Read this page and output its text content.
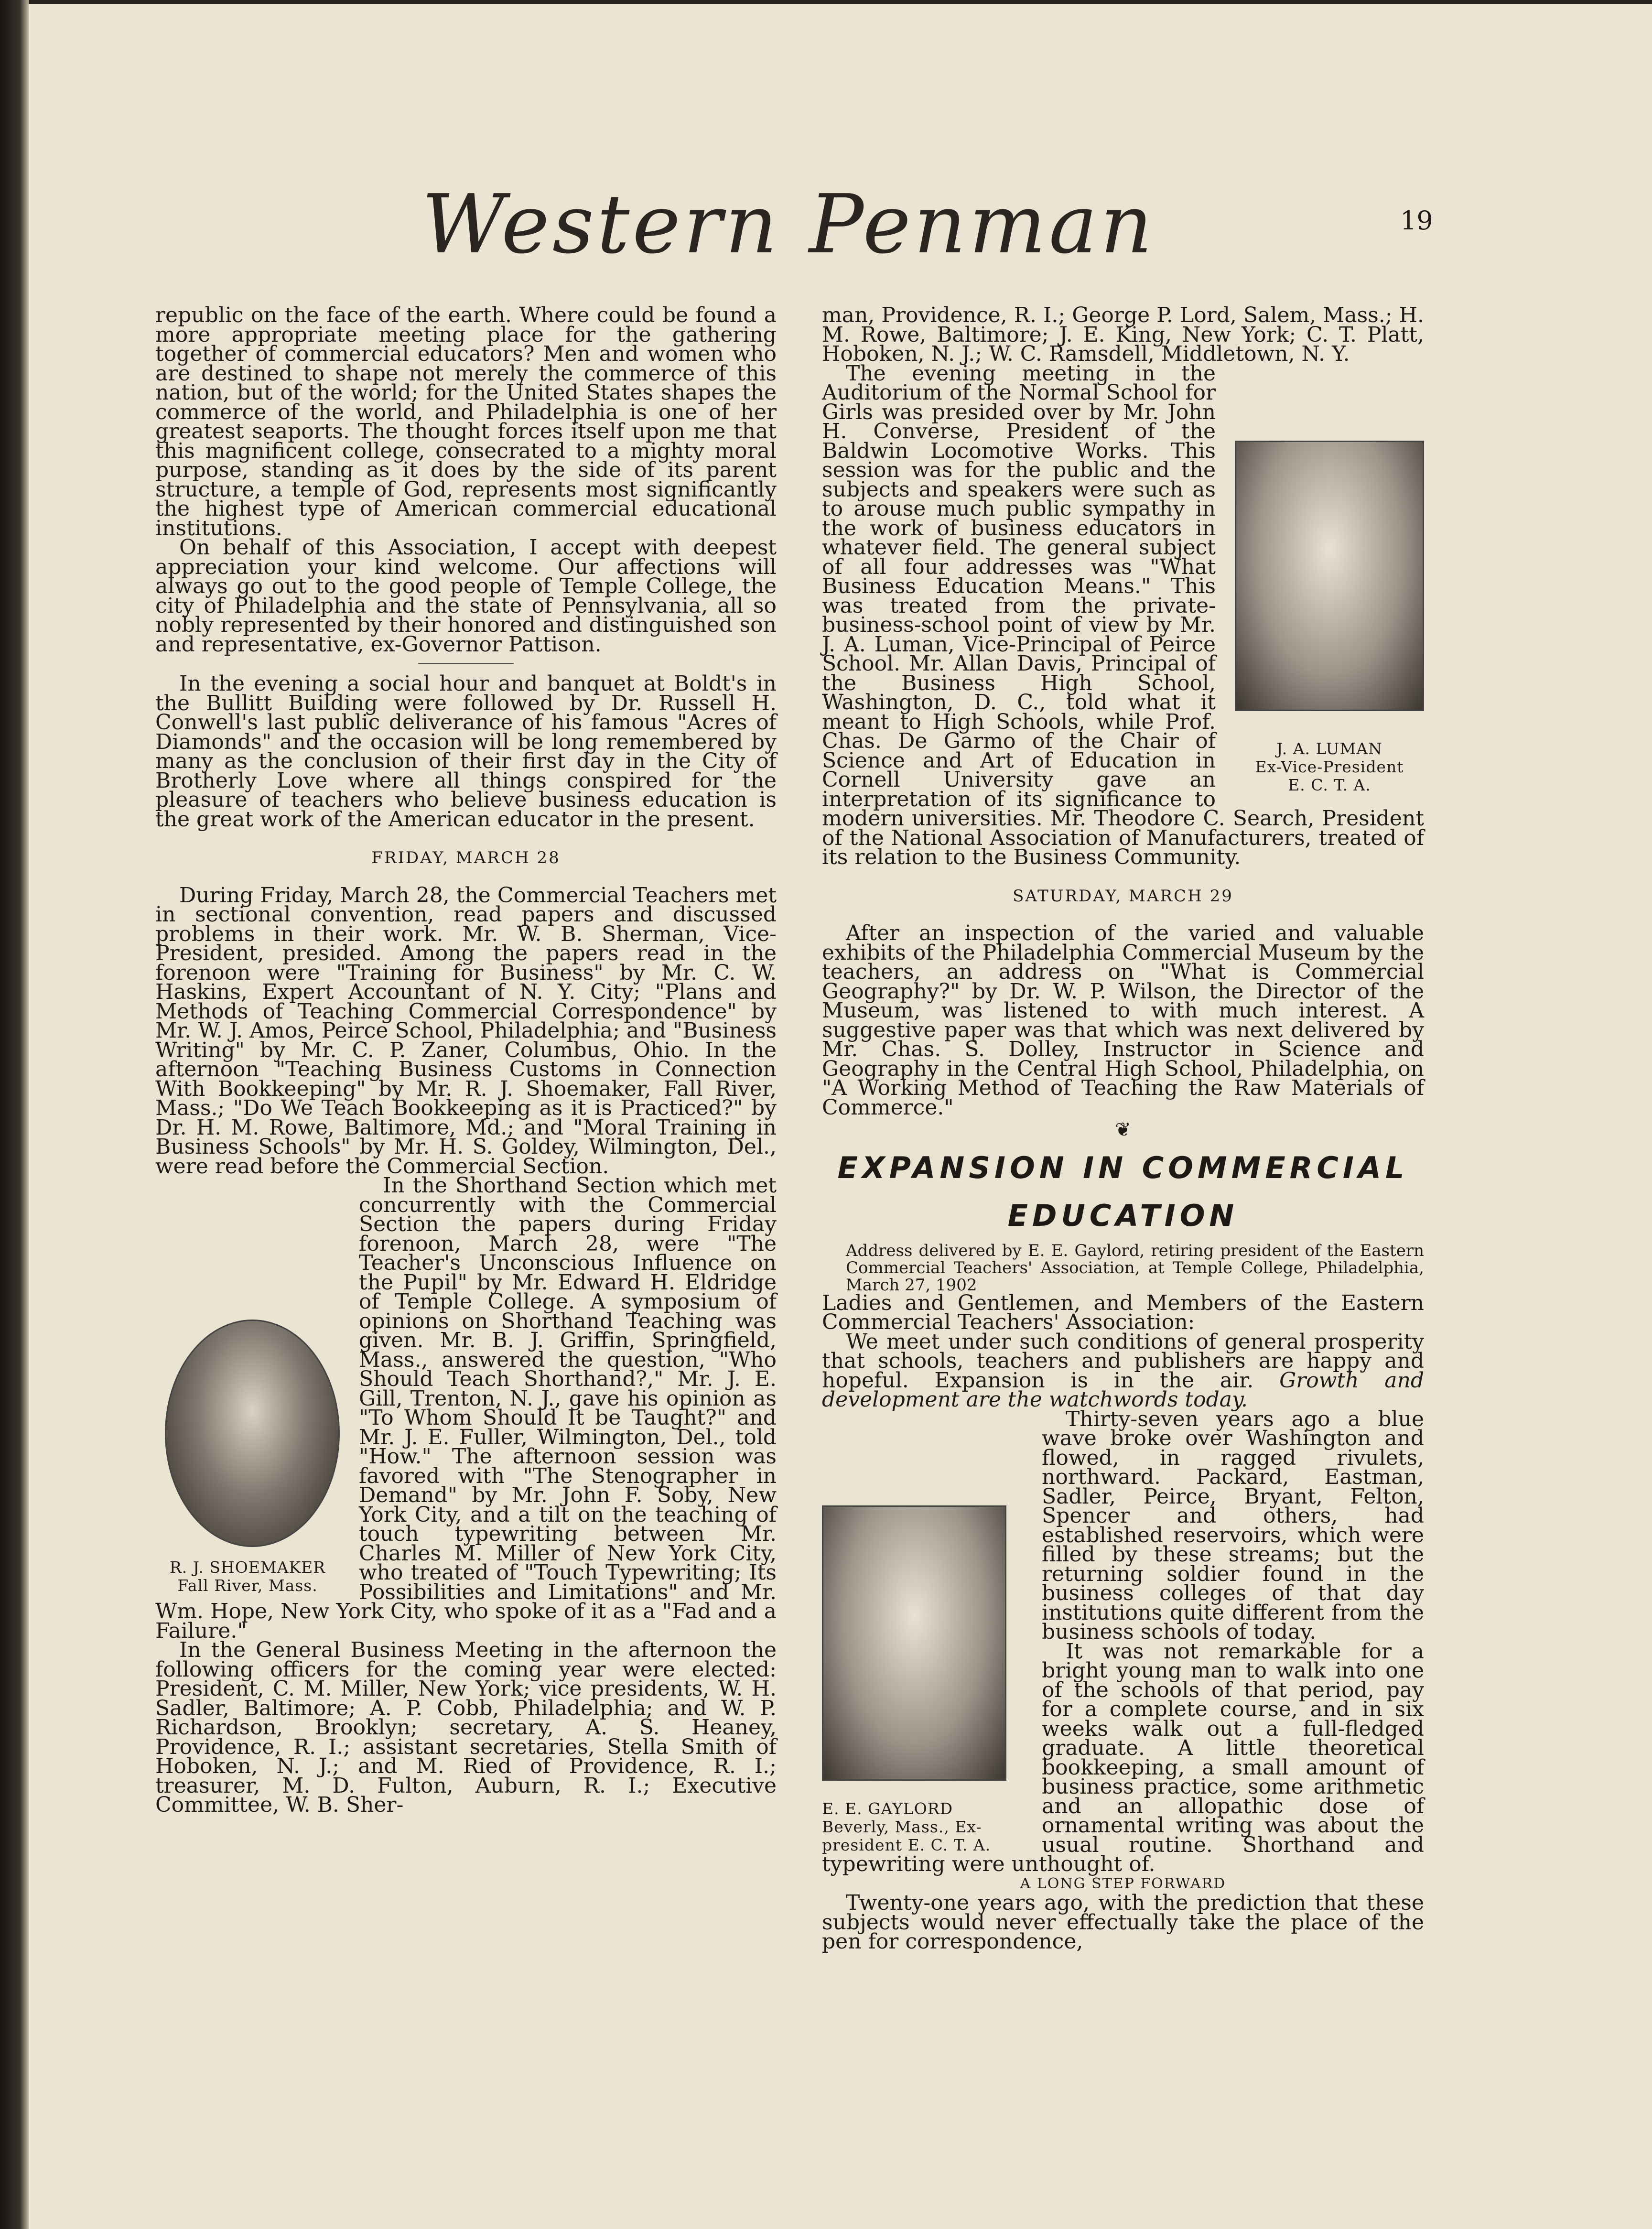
Western Penman	19

republic on the face of the earth. Where could be found a more appropriate meeting place for the gathering together of commercial educators? Men and women who are destined to shape not merely the commerce of this nation, but of the world; for the United States shapes the commerce of the world, and Philadelphia is one of her greatest seaports. The thought forces itself upon me that this magnificent college, consecrated to a mighty moral purpose, standing as it does by the side of its parent structure, a temple of God, represents most significantly the highest type of American commercial educational institutions.

On behalf of this Association, I accept with deepest appreciation your kind welcome. Our affections will always go out to the good people of Temple College, the city of Philadelphia and the state of Pennsylvania, all so nobly represented by their honored and distinguished son and representative, ex-Governor Pattison.

In the evening a social hour and banquet at Boldt's in the Bullitt Building were followed by Dr. Russell H. Conwell's last public deliverance of his famous "Acres of Diamonds" and the occasion will be long remembered by many as the conclusion of their first day in the City of Brotherly Love where all things conspired for the pleasure of teachers who believe business education is the great work of the American educator in the present.

FRIDAY, MARCH 28

During Friday, March 28, the Commercial Teachers met in sectional convention, read papers and discussed problems in their work. Mr. W. B. Sherman, Vice-President, presided. Among the papers read in the forenoon were "Training for Business" by Mr. C. W. Haskins, Expert Accountant of N. Y. City; "Plans and Methods of Teaching Commercial Correspondence" by Mr. W. J. Amos, Peirce School, Philadelphia; and "Business Writing" by Mr. C. P. Zaner, Columbus, Ohio. In the afternoon "Teaching Business Customs in Connection With Bookkeeping" by Mr. R. J. Shoemaker, Fall River, Mass.; "Do We Teach Bookkeeping as it is Practiced?" by Dr. H. M. Rowe, Baltimore, Md.; and "Moral Training in Business Schools" by Mr. H. S. Goldey, Wilmington, Del., were read before the Commercial Section.

R. J. SHOEMAKER
Fall River, Mass.

In the Shorthand Section which met concurrently with the Commercial Section the papers during Friday forenoon, March 28, were "The Teacher's Unconscious Influence on the Pupil" by Mr. Edward H. Eldridge of Temple College. A symposium of opinions on Shorthand Teaching was given. Mr. B. J. Griffin, Springfield, Mass., answered the question, "Who Should Teach Shorthand?," Mr. J. E. Gill, Trenton, N. J., gave his opinion as "To Whom Should It be Taught?" and Mr. J. E. Fuller, Wilmington, Del., told "How." The afternoon session was favored with "The Stenographer in Demand" by Mr. John F. Soby, New York City, and a tilt on the teaching of touch typewriting between Mr. Charles M. Miller of New York City, who treated of "Touch Typewriting; Its Possibilities and Limitations" and Mr. Wm. Hope, New York City, who spoke of it as a "Fad and a Failure."

In the General Business Meeting in the afternoon the following officers for the coming year were elected: President, C. M. Miller, New York; vice presidents, W. H. Sadler, Baltimore; A. P. Cobb, Philadelphia; and W. P. Richardson, Brooklyn; secretary, A. S. Heaney, Providence, R. I.; assistant secretaries, Stella Smith of Hoboken, N. J.; and M. Ried of Providence, R. I.; treasurer, M. D. Fulton, Auburn, R. I.; Executive Committee, W. B. Sher-

man, Providence, R. I.; George P. Lord, Salem, Mass.; H. M. Rowe, Baltimore; J. E. King, New York; C. T. Platt, Hoboken, N. J.; W. C. Ramsdell, Middletown, N. Y.

J. A. LUMAN
Ex-Vice-President
E. C. T. A.

The evening meeting in the Auditorium of the Normal School for Girls was presided over by Mr. John H. Converse, President of the Baldwin Locomotive Works. This session was for the public and the subjects and speakers were such as to arouse much public sympathy in the work of business educators in whatever field. The general subject of all four addresses was "What Business Education Means." This was treated from the private-business-school point of view by Mr. J. A. Luman, Vice-Principal of Peirce School. Mr. Allan Davis, Principal of the Business High School, Washington, D. C., told what it meant to High Schools, while Prof. Chas. De Garmo of the Chair of Science and Art of Education in Cornell University gave an interpretation of its significance to modern universities. Mr. Theodore C. Search, President of the National Association of Manufacturers, treated of its relation to the Business Community.

SATURDAY, MARCH 29

After an inspection of the varied and valuable exhibits of the Philadelphia Commercial Museum by the teachers, an address on "What is Commercial Geography?" by Dr. W. P. Wilson, the Director of the Museum, was listened to with much interest. A suggestive paper was that which was next delivered by Mr. Chas. S. Dolley, Instructor in Science and Geography in the Central High School, Philadelphia, on "A Working Method of Teaching the Raw Materials of Commerce."

❦
EXPANSION IN COMMERCIAL
EDUCATION

Address delivered by E. E. Gaylord, retiring president of the Eastern Commercial Teachers' Association, at Temple College, Philadelphia, March 27, 1902

Ladies and Gentlemen, and Members of the Eastern Commercial Teachers' Association:

We meet under such conditions of general prosperity that schools, teachers and publishers are happy and hopeful. Expansion is in the air. Growth and development are the watchwords today.

E. E. GAYLORD
Beverly, Mass., Ex-president E. C. T. A.

Thirty-seven years ago a blue wave broke over Washington and flowed, in ragged rivulets, northward. Packard, Eastman, Sadler, Peirce, Bryant, Felton, Spencer and others, had established reservoirs, which were filled by these streams; but the returning soldier found in the business colleges of that day institutions quite different from the business schools of today.

It was not remarkable for a bright young man to walk into one of the schools of that period, pay for a complete course, and in six weeks walk out a full-fledged graduate. A little theoretical bookkeeping, a small amount of business practice, some arithmetic and an allopathic dose of ornamental writing was about the usual routine. Shorthand and typewriting were unthought of.

A LONG STEP FORWARD

Twenty-one years ago, with the prediction that these subjects would never effectually take the place of the pen for correspondence,
